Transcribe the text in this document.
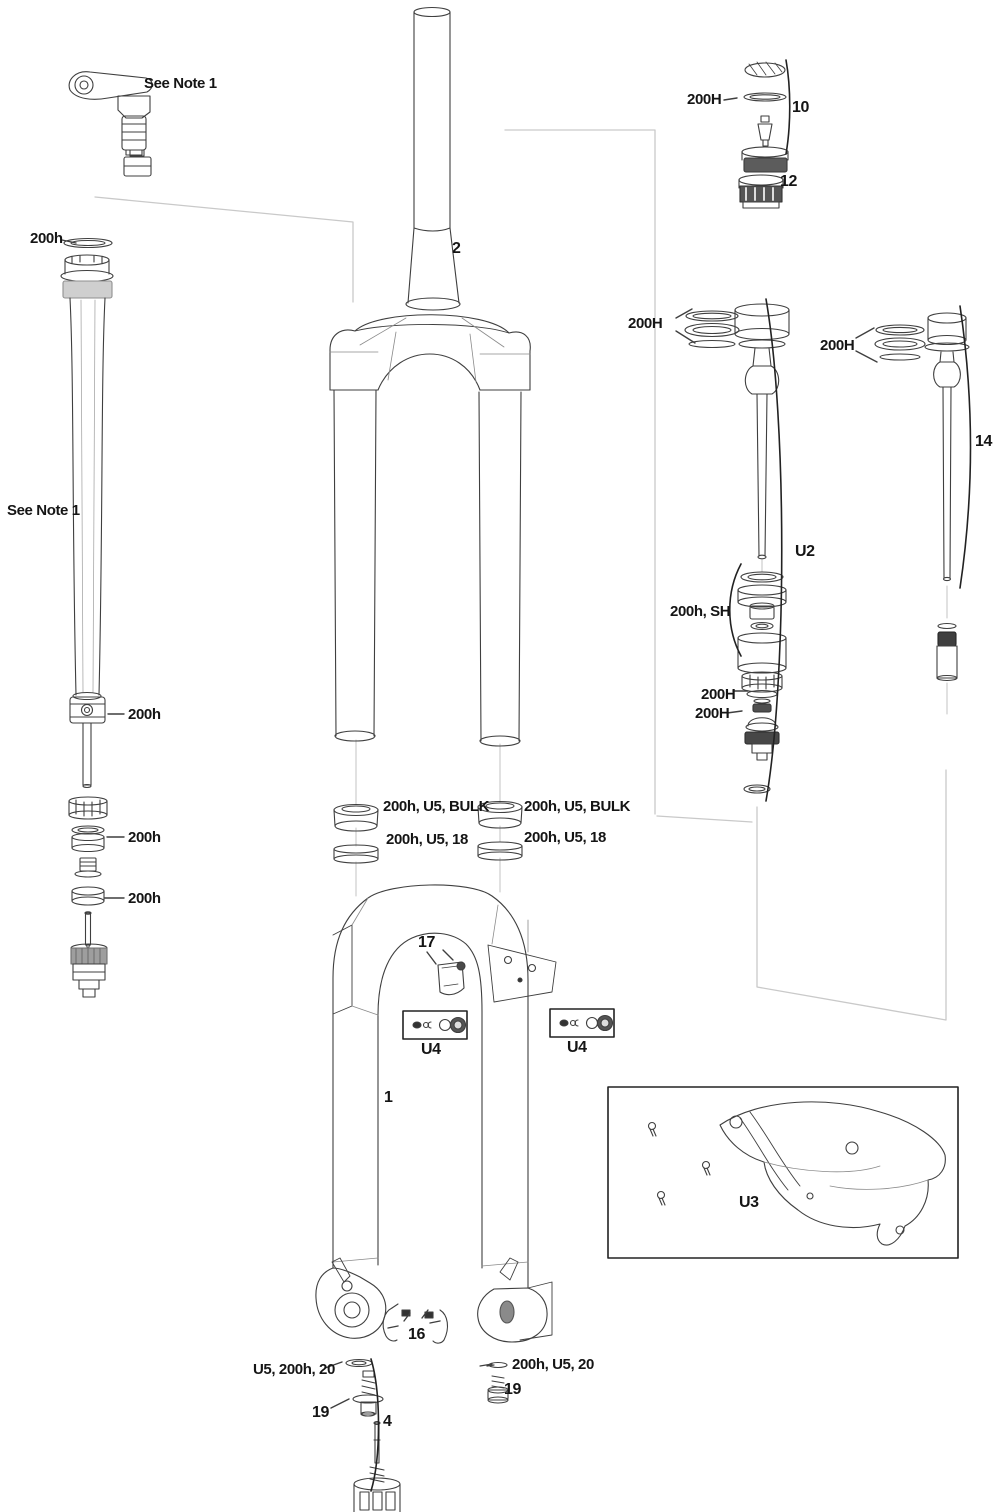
See Note 1
200h
See Note 1
200h
200h
200h
2
200H	10
12
200H
200H
14
U2
200h, SH
200H
200H
200h, U5, BULK
200h, U5, 18
200h, U5, BULK
200h, U5, 18
17
U4	U4
1
U3
16
U5, 200h, 20
19
4
200h, U5, 20
19
